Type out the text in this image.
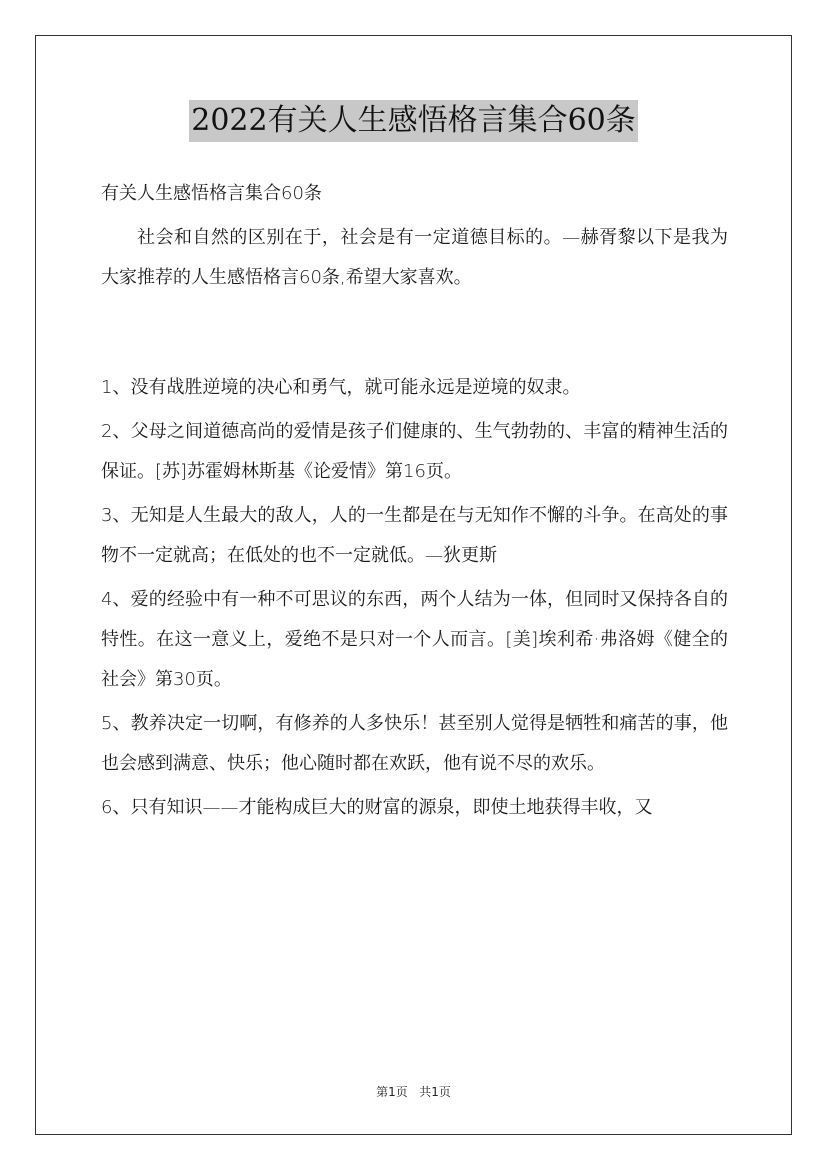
2022有关人生感悟格言集合60条

有关人生感悟格言集合60条

社会和自然的区别在于，社会是有一定道德目标的。—赫胥黎以下是我为大家推荐的人生感悟格言60条,希望大家喜欢。

1、没有战胜逆境的决心和勇气，就可能永远是逆境的奴隶。

2、父母之间道德高尚的爱情是孩子们健康的、生气勃勃的、丰富的精神生活的保证。[苏]苏霍姆林斯基《论爱情》第16页。

3、无知是人生最大的敌人，人的一生都是在与无知作不懈的斗争。在高处的事物不一定就高；在低处的也不一定就低。—狄更斯

4、爱的经验中有一种不可思议的东西，两个人结为一体，但同时又保持各自的特性。在这一意义上，爱绝不是只对一个人而言。[美]埃利希·弗洛姆《健全的社会》第30页。

5、教养决定一切啊，有修养的人多快乐！甚至别人觉得是牺牲和痛苦的事，他也会感到满意、快乐；他心随时都在欢跃，他有说不尽的欢乐。

6、只有知识——才能构成巨大的财富的源泉，即使土地获得丰收，又

第1页 共1页
